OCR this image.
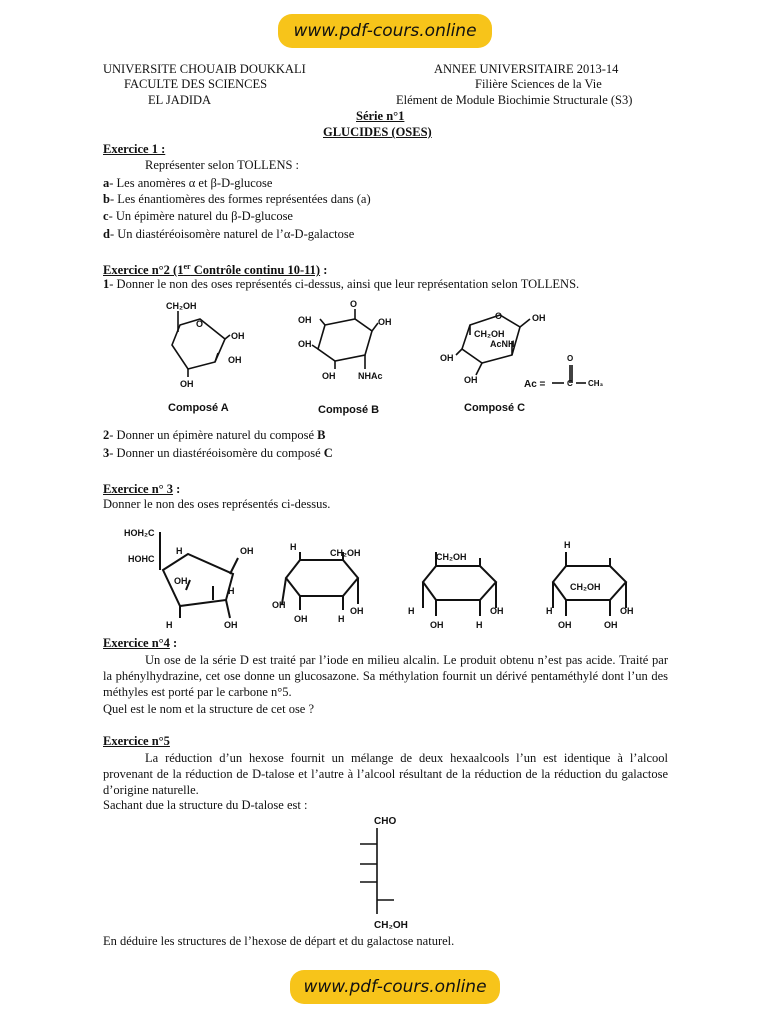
www.pdf-cours.online
UNIVERSITE CHOUAIB DOUKKALI
FACULTE DES SCIENCES
EL JADIDA
ANNEE UNIVERSITAIRE 2013-14
Filière Sciences de la Vie
Elément de Module Biochimie Structurale (S3)
Série n°1
GLUCIDES (OSES)
Exercice 1 :
Représenter selon TOLLENS :
a- Les anomères α et β-D-glucose
b- Les énantiomères des formes représentées dans (a)
c- Un épimère naturel du β-D-glucose
d- Un diastéréoisomère naturel de l’α-D-galactose
Exercice n°2 (1er Contrôle continu 10-11) :
1- Donner le non des oses représentés ci-dessus, ainsi que leur représentation selon TOLLENS.
CH₂OH
O
OH
OH
OH
OH
O
OH
OH
OH	NHAc
CH₂OH
O	OH
AcNH
OH
OH	Ac =
O
C CH₃
Composé A	Composé B	Composé C
2- Donner un épimère naturel du composé B
3- Donner un diastéréoisomère du composé C
Exercice n° 3 :
Donner le non des oses représentés ci-dessus.
HOH₂C
HOHC
H	OH
H
OH
H	OH
H
CH₂OH
OH
OH
OH	H
CH₂OH
H	OH
OH	H
H
CH₂OH
H	OH
OH	OH
Exercice n°4 :
Un ose de la série D est traité par l’iode en milieu alcalin. Le produit obtenu n’est pas acide. Traité par la phénylhydrazine, cet ose donne un glucosazone. Sa méthylation fournit un dérivé pentaméthylé dont l’un des méthyles est porté par le carbone n°5.
Quel est le nom et la structure de cet ose ?
Exercice n°5
La réduction d’un hexose fournit un mélange de deux hexaalcools l’un est identique à l’alcool provenant de la réduction de D-talose et l’autre à l’alcool résultant de la réduction de la réduction du galactose d’origine naturelle.
Sachant due la structure du D-talose est :
CHO
CH₂OH
En déduire les structures de l’hexose de départ et du galactose naturel.
www.pdf-cours.online
